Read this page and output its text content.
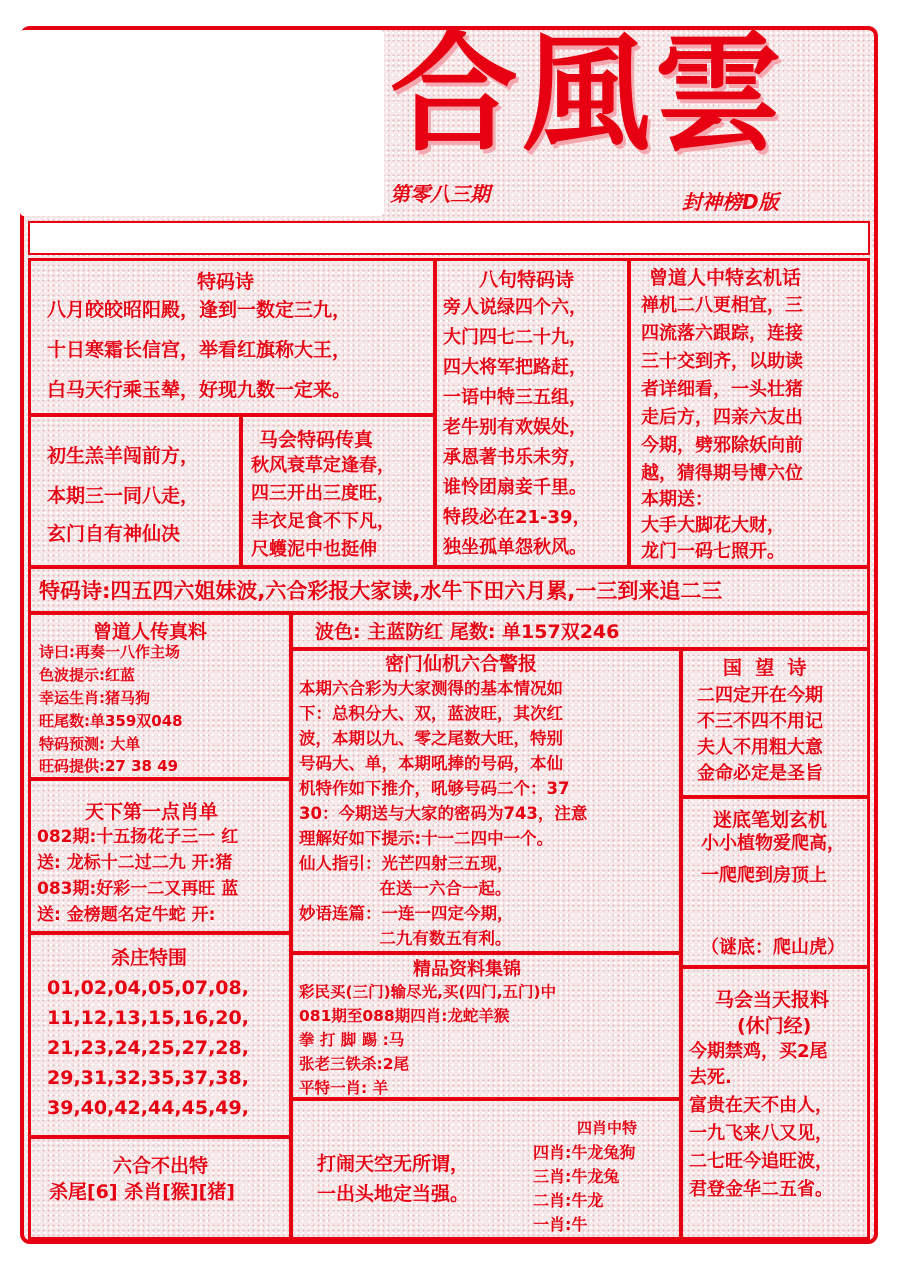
合風雲
第零八三期	封神榜D版
特码诗
八月皎皎昭阳殿，逢到一数定三九，
十日寒霜长信宫，举看红旗称大王，
白马天行乘玉辇，好现九数一定来。
初生羔羊闯前方，
本期三一同八走，
玄门自有神仙决
马会特码传真
秋风衰草定逢春，
四三开出三度旺，
丰衣足食不下凡，
尺蠖泥中也挺伸
八句特码诗
旁人说绿四个六，
大门四七二十九，
四大将军把路赶，
一语中特三五组，
老牛别有欢娱处，
承恩著书乐未穷，
谁怜团扇妾千里。
特段必在21-39，
独坐孤单怨秋风。
曾道人中特玄机话
禅机二八更相宜，三
四流落六跟踪，连接
三十交到齐，以助读
者详细看，一头壮猪
走后方，四亲六友出
今期，劈邪除妖向前
越，猜得期号博六位
本期送：
大手大脚花大财，
龙门一码七照开。
特码诗:四五四六姐妹波,六合彩报大家读,水牛下田六月累,一三到来追二三
曾道人传真料
诗曰:再奏一八作主场
色波提示:红蓝
幸运生肖:猪马狗
旺尾数:单359双048
特码预测: 大单
旺码提供:27 38 49
天下第一点肖单
082期:十五扬花子三一 红
送: 龙标十二过二九 开:猪
083期:好彩一二又再旺 蓝
送: 金榜题名定牛蛇 开:
杀庄特围
01,02,04,05,07,08,
11,12,13,15,16,20,
21,23,24,25,27,28,
29,31,32,35,37,38,
39,40,42,44,45,49,
六合不出特
杀尾[6] 杀肖[猴][猪]
波色: 主蓝防红 尾数: 单157双246
密门仙机六合警报
本期六合彩为大家测得的基本情况如
下：总积分大、双，蓝波旺，其次红
波，本期以九、零之尾数大旺，特别
号码大、单，本期吼捧的号码，本仙
机特作如下推介，吼够号码二个：37
30：今期送与大家的密码为743，注意
理解好如下提示:十一二四中一个。
仙人指引：光芒四射三五现，
在送一六合一起。
妙语连篇：一连一四定今期，
二九有数五有利。
精品资料集锦
彩民买(三门)输尽光,买(四门,五门)中
081期至088期四肖:龙蛇羊猴
拳 打 脚 踢 :马
张老三铁杀:2尾
平特一肖: 羊
打闹天空无所谓，
一出头地定当强。
四肖中特
四肖:牛龙兔狗
三肖:牛龙兔
二肖:牛龙
一肖:牛
国  望  诗
二四定开在今期
不三不四不用记
夫人不用粗大意
金命必定是圣旨
迷底笔划玄机
小小植物爱爬高，
一爬爬到房顶上
（谜底：爬山虎）
马会当天报料
(休门经)
今期禁鸡，买2尾
去死.
富贵在天不由人，
一九飞来八又见，
二七旺今追旺波，
君登金华二五省。
